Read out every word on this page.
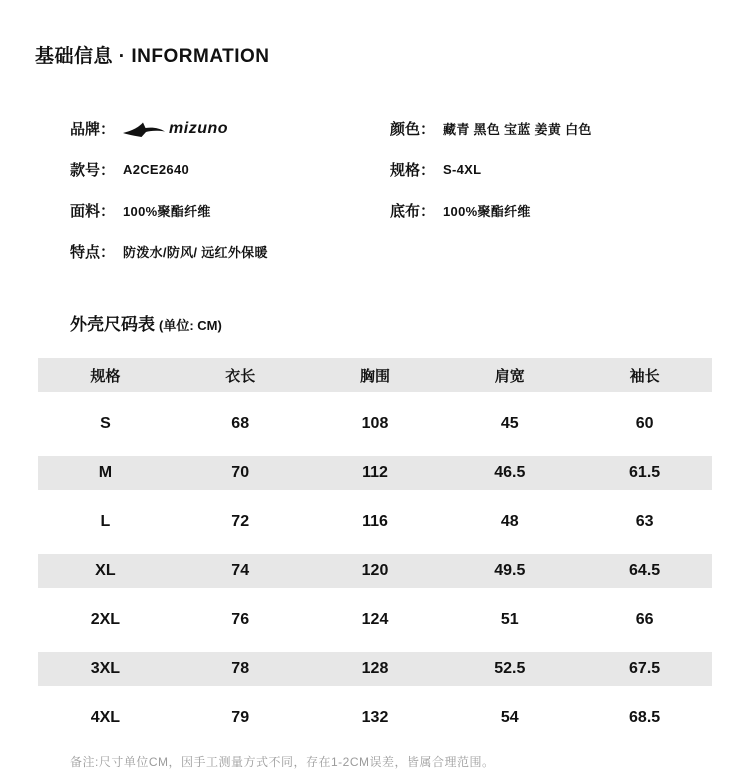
基础信息 · INFORMATION
品牌：	mizuno
款号： A2CE2640
面料： 100%聚酯纤维
特点： 防泼水/防风/ 远红外保暖
颜色： 藏青 黑色 宝蓝 姜黄 白色
规格： S-4XL
底布： 100%聚酯纤维
外壳尺码表 (单位: CM)
规格	衣长	胸围	肩宽	袖长
S	68	108	45	60
M	70	112	46.5	61.5
L	72	116	48	63
XL	74	120	49.5	64.5
2XL	76	124	51	66
3XL	78	128	52.5	67.5
4XL	79	132	54	68.5
备注:尺寸单位CM，因手工测量方式不同，存在1-2CM误差，皆属合理范围。
